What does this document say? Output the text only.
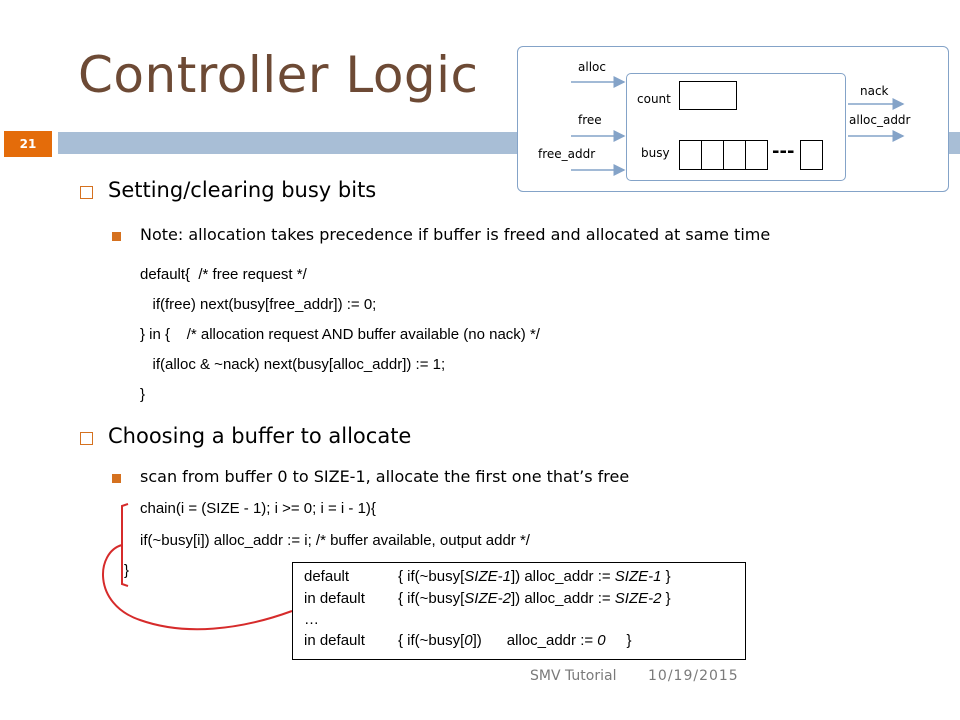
Controller Logic
21
alloc
free
free_addr
nack
alloc_addr
count
busy	---
Setting/clearing busy bits
Note: allocation takes precedence if buffer is freed and allocated at same time
default{  /* free request */
if(free) next(busy[free_addr]) := 0;
} in {    /* allocation request AND buffer available (no nack) */
if(alloc & ~nack) next(busy[alloc_addr]) := 1;
}
Choosing a buffer to allocate
scan from buffer 0 to SIZE-1, allocate the first one that’s free
chain(i = (SIZE - 1); i >= 0; i = i - 1){
if(~busy[i]) alloc_addr := i; /* buffer available, output addr */
}	default	{ if(~busy[SIZE-1]) alloc_addr := SIZE-1 }
in default { if(~busy[SIZE-2]) alloc_addr := SIZE-2 }
…
in default { if(~busy[0])      alloc_addr := 0     }
SMV Tutorial 10/19/2015
